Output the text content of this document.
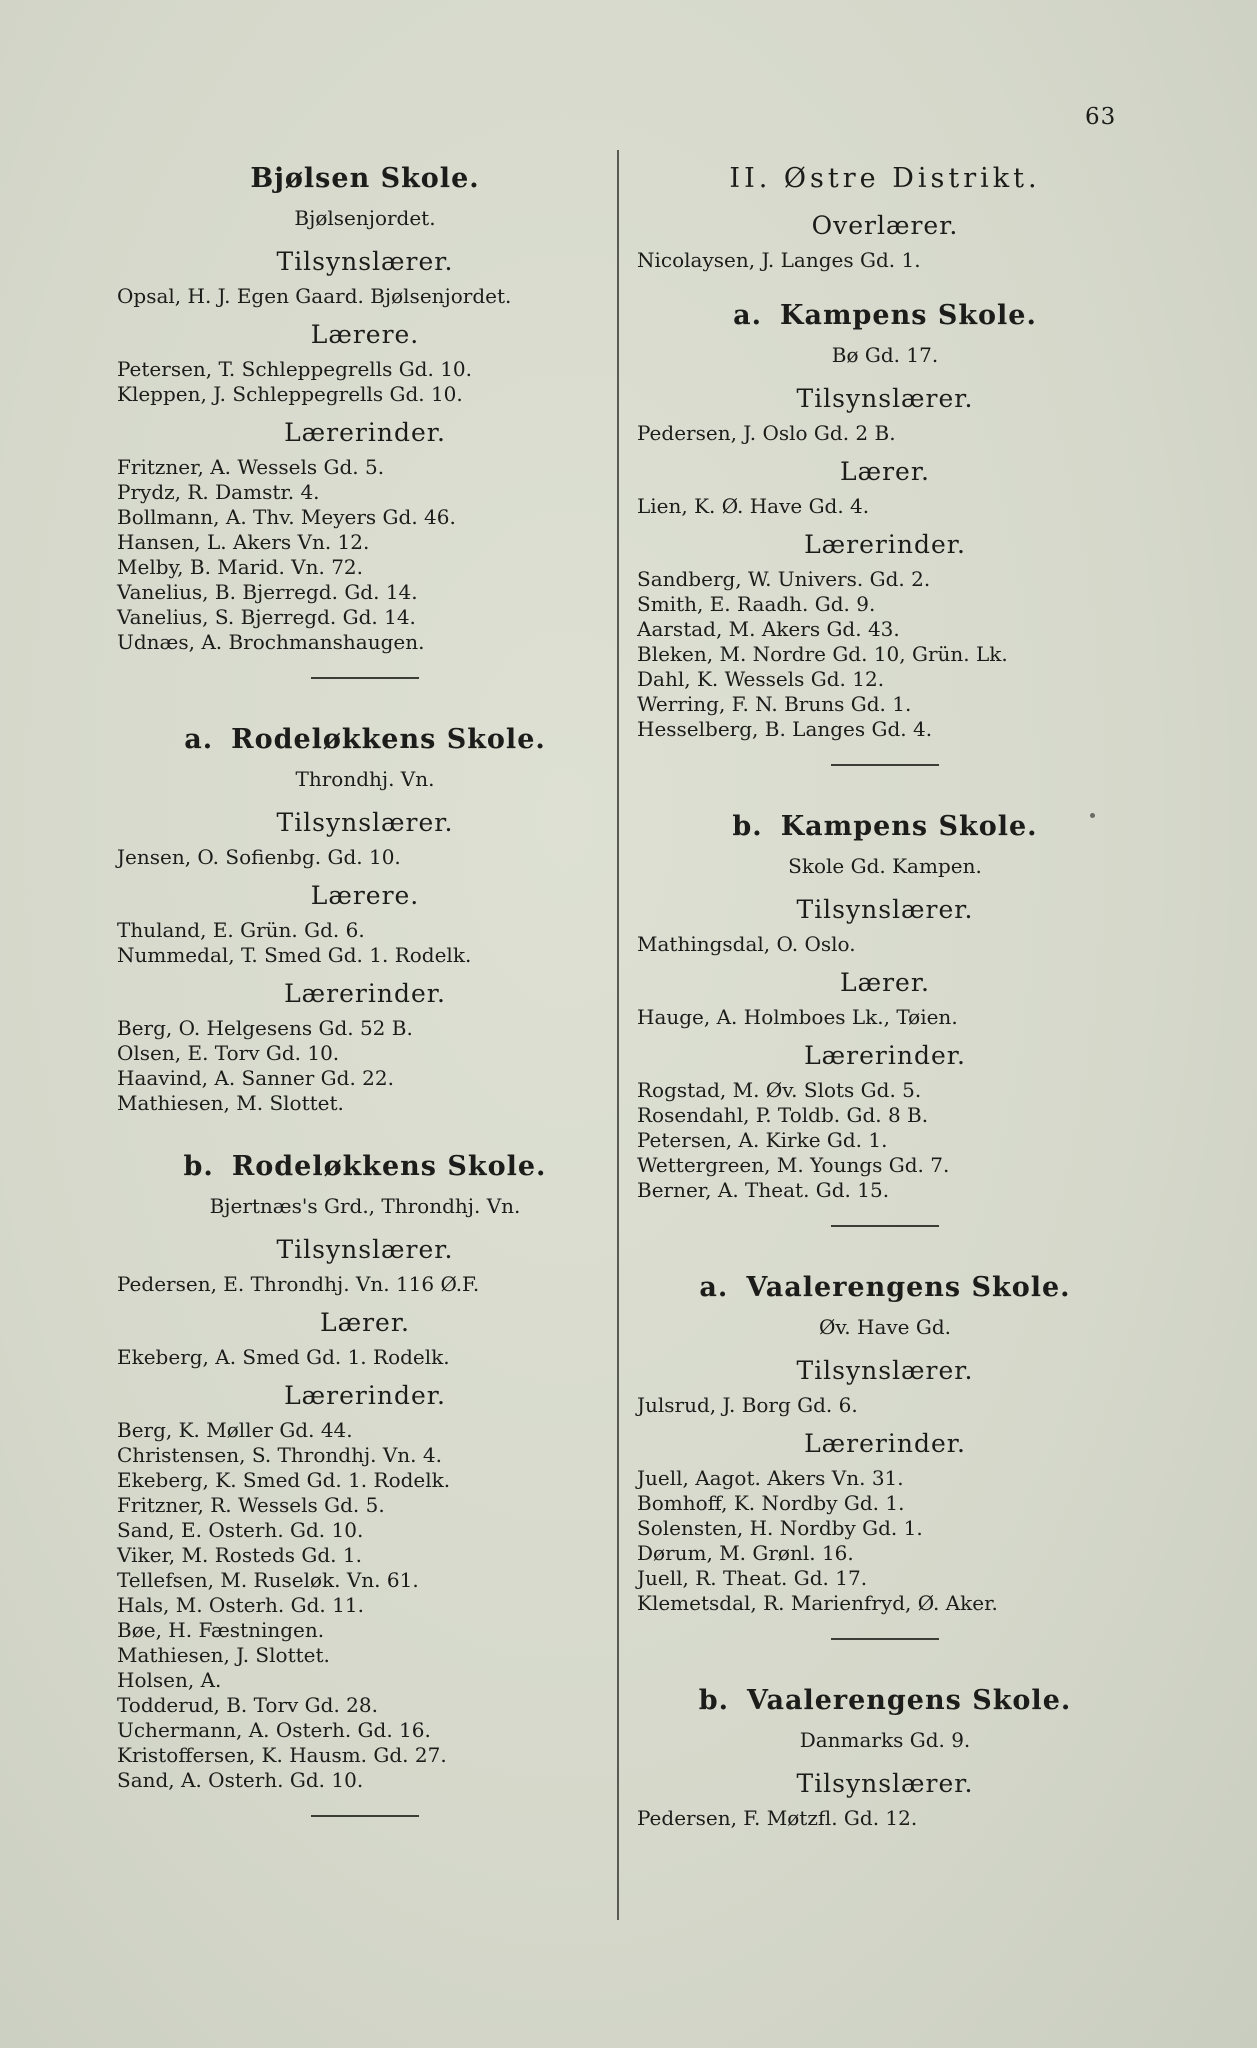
63
Bjølsen Skole.
Bjølsenjordet.
Tilsynslærer.
Opsal, H. J. Egen Gaard. Bjølsenjordet.
Lærere.
Petersen, T. Schleppegrells Gd. 10.
Kleppen, J. Schleppegrells Gd. 10.
Lærerinder.
Fritzner, A. Wessels Gd. 5.
Prydz, R. Damstr. 4.
Bollmann, A. Thv. Meyers Gd. 46.
Hansen, L. Akers Vn. 12.
Melby, B. Marid. Vn. 72.
Vanelius, B. Bjerregd. Gd. 14.
Vanelius, S. Bjerregd. Gd. 14.
Udnæs, A. Brochmanshaugen.
a. Rodeløkkens Skole.
Throndhj. Vn.
Tilsynslærer.
Jensen, O. Sofienbg. Gd. 10.
Lærere.
Thuland, E. Grün. Gd. 6.
Nummedal, T. Smed Gd. 1. Rodelk.
Lærerinder.
Berg, O. Helgesens Gd. 52 B.
Olsen, E. Torv Gd. 10.
Haavind, A. Sanner Gd. 22.
Mathiesen, M. Slottet.
b. Rodeløkkens Skole.
Bjertnæs's Grd., Throndhj. Vn.
Tilsynslærer.
Pedersen, E. Throndhj. Vn. 116 Ø.F.
Lærer.
Ekeberg, A. Smed Gd. 1. Rodelk.
Lærerinder.
Berg, K. Møller Gd. 44.
Christensen, S. Throndhj. Vn. 4.
Ekeberg, K. Smed Gd. 1. Rodelk.
Fritzner, R. Wessels Gd. 5.
Sand, E. Osterh. Gd. 10.
Viker, M. Rosteds Gd. 1.
Tellefsen, M. Ruseløk. Vn. 61.
Hals, M. Osterh. Gd. 11.
Bøe, H. Fæstningen.
Mathiesen, J. Slottet.
Holsen, A.
Todderud, B. Torv Gd. 28.
Uchermann, A. Osterh. Gd. 16.
Kristoffersen, K. Hausm. Gd. 27.
Sand, A. Osterh. Gd. 10.
II. Østre Distrikt.
Overlærer.
Nicolaysen, J. Langes Gd. 1.
a. Kampens Skole.
Bø Gd. 17.
Tilsynslærer.
Pedersen, J. Oslo Gd. 2 B.
Lærer.
Lien, K. Ø. Have Gd. 4.
Lærerinder.
Sandberg, W. Univers. Gd. 2.
Smith, E. Raadh. Gd. 9.
Aarstad, M. Akers Gd. 43.
Bleken, M. Nordre Gd. 10, Grün. Lk.
Dahl, K. Wessels Gd. 12.
Werring, F. N. Bruns Gd. 1.
Hesselberg, B. Langes Gd. 4.
b. Kampens Skole.
Skole Gd. Kampen.
Tilsynslærer.
Mathingsdal, O. Oslo.
Lærer.
Hauge, A. Holmboes Lk., Tøien.
Lærerinder.
Rogstad, M. Øv. Slots Gd. 5.
Rosendahl, P. Toldb. Gd. 8 B.
Petersen, A. Kirke Gd. 1.
Wettergreen, M. Youngs Gd. 7.
Berner, A. Theat. Gd. 15.
a. Vaalerengens Skole.
Øv. Have Gd.
Tilsynslærer.
Julsrud, J. Borg Gd. 6.
Lærerinder.
Juell, Aagot. Akers Vn. 31.
Bomhoff, K. Nordby Gd. 1.
Solensten, H. Nordby Gd. 1.
Dørum, M. Grønl. 16.
Juell, R. Theat. Gd. 17.
Klemetsdal, R. Marienfryd, Ø. Aker.
b. Vaalerengens Skole.
Danmarks Gd. 9.
Tilsynslærer.
Pedersen, F. Møtzfl. Gd. 12.
